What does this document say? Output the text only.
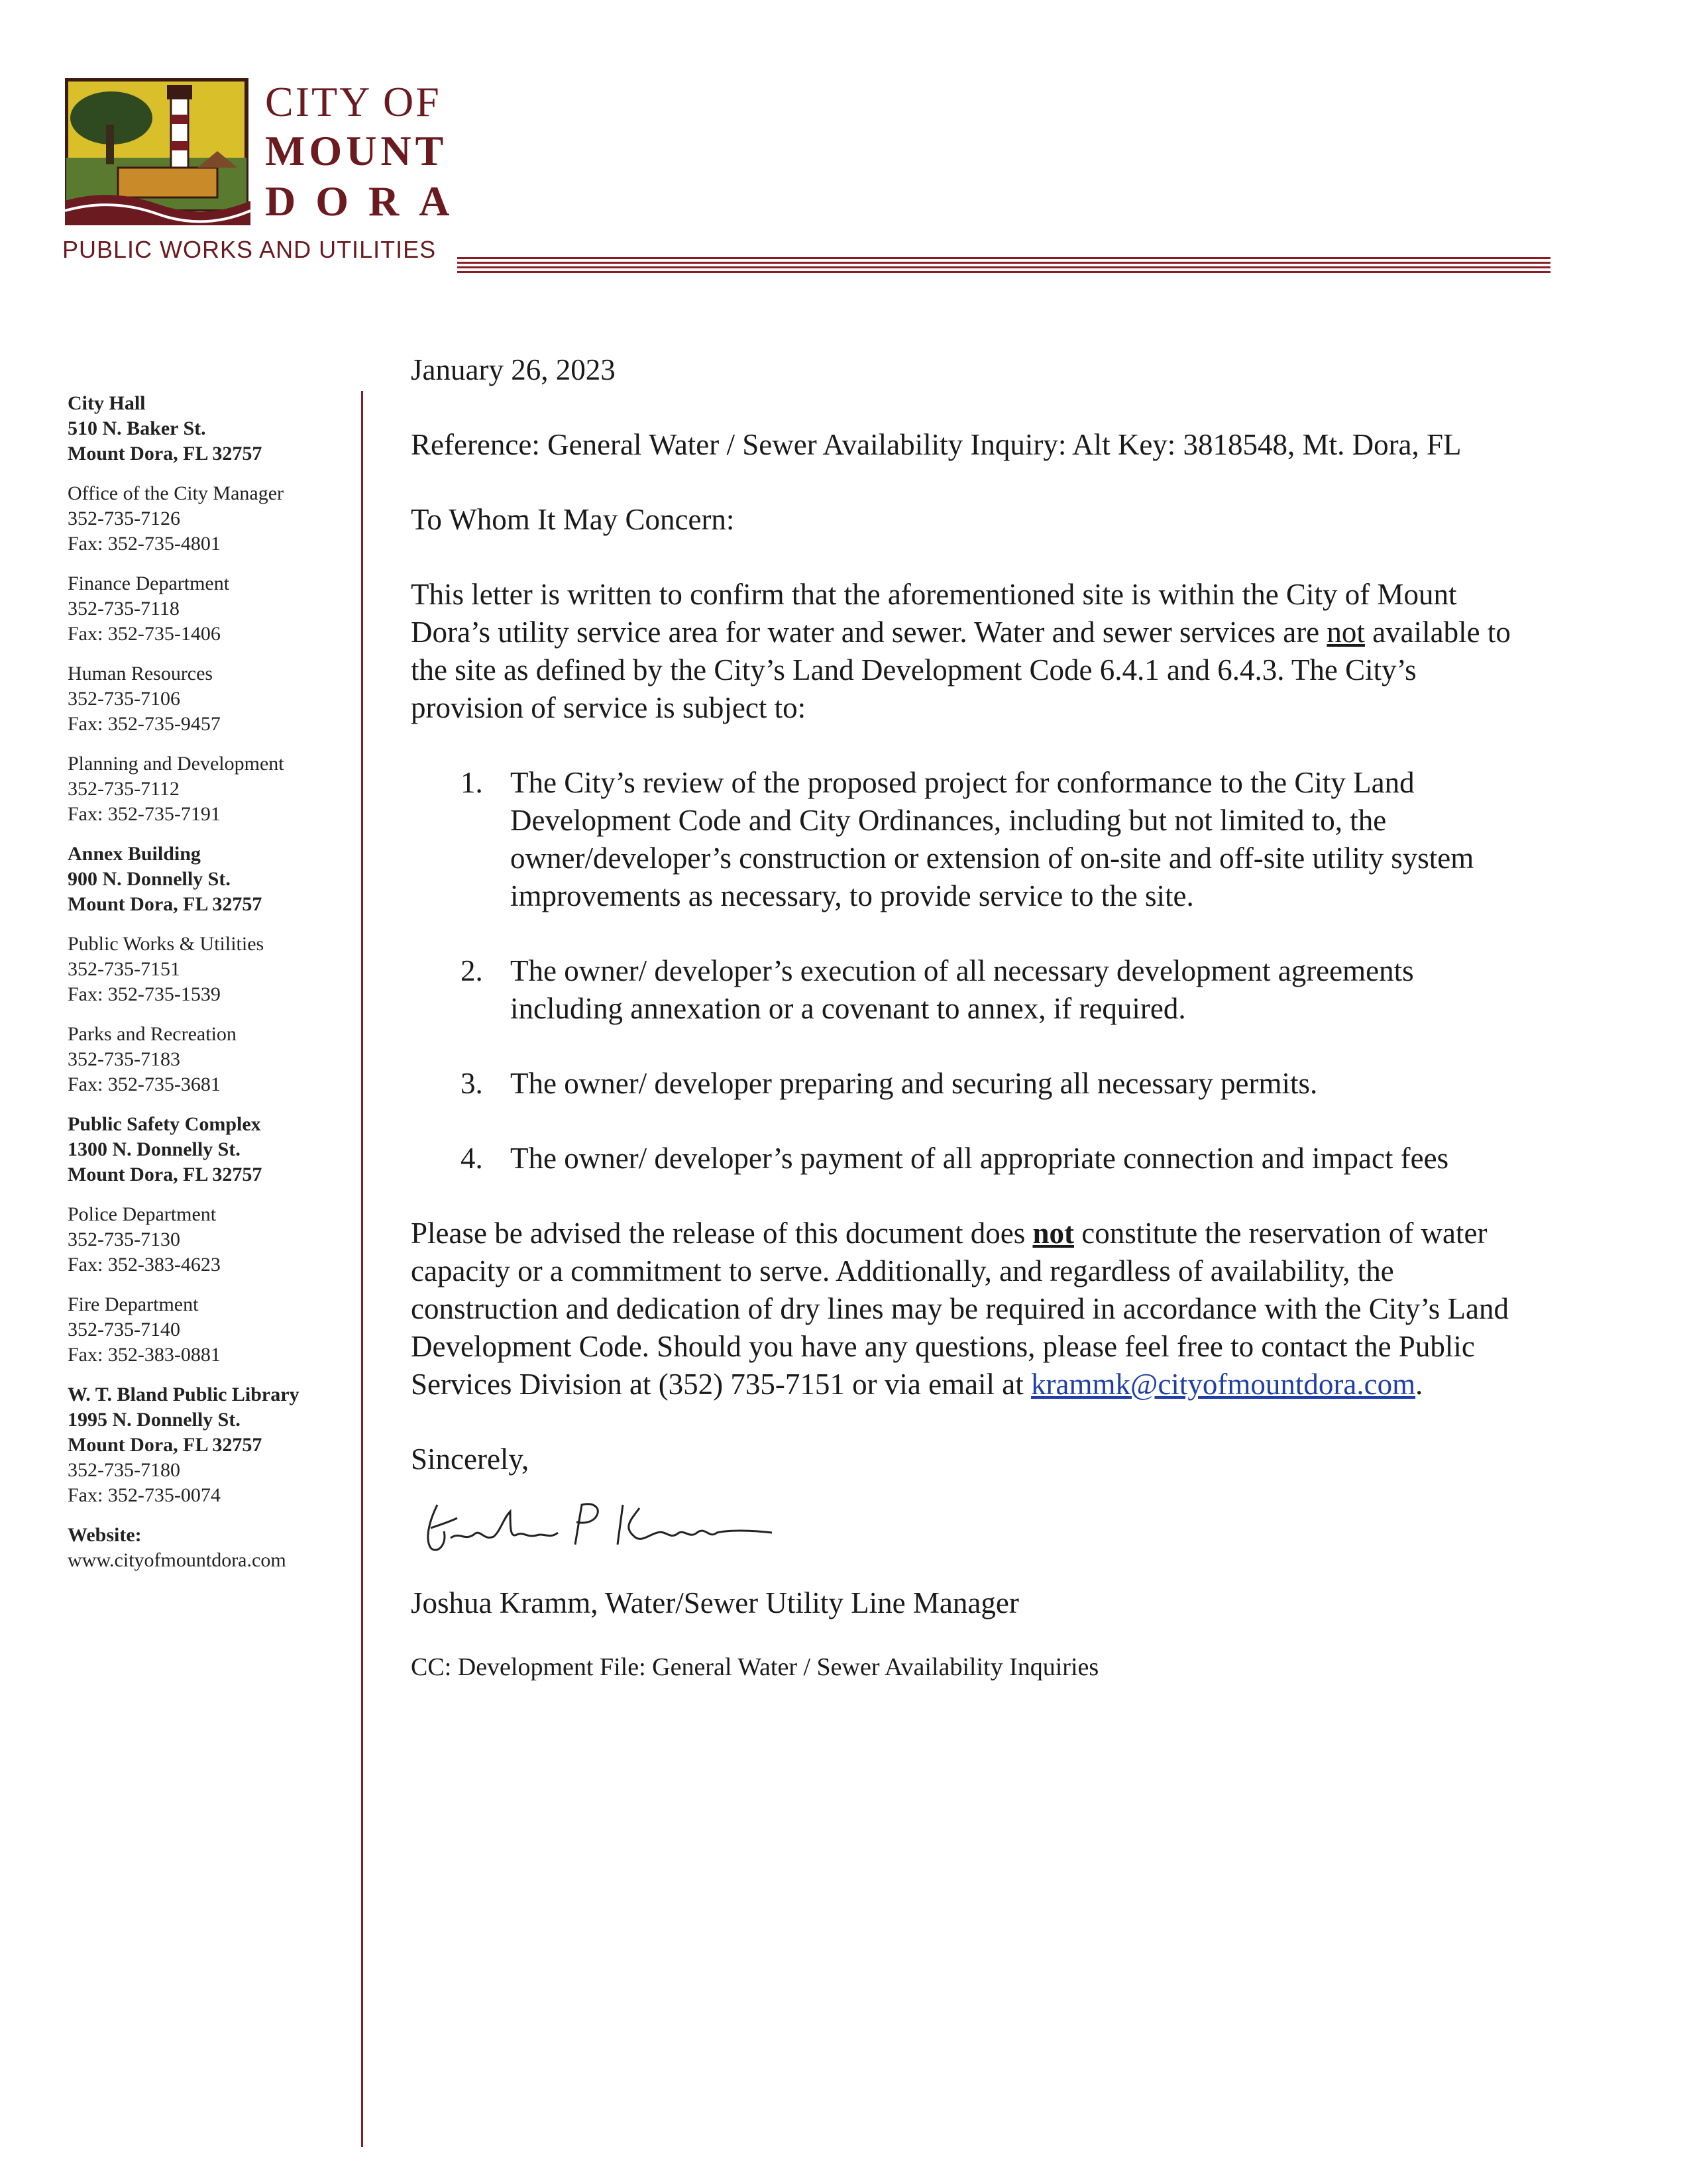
CITY OF
MOUNT
DORA
PUBLIC WORKS AND UTILITIES
City Hall
510 N. Baker St.
Mount Dora, FL 32757
Office of the City Manager
352-735-7126
Fax: 352-735-4801
Finance Department
352-735-7118
Fax: 352-735-1406
Human Resources
352-735-7106
Fax: 352-735-9457
Planning and Development
352-735-7112
Fax: 352-735-7191
Annex Building
900 N. Donnelly St.
Mount Dora, FL 32757
Public Works & Utilities
352-735-7151
Fax: 352-735-1539
Parks and Recreation
352-735-7183
Fax: 352-735-3681
Public Safety Complex
1300 N. Donnelly St.
Mount Dora, FL 32757
Police Department
352-735-7130
Fax: 352-383-4623
Fire Department
352-735-7140
Fax: 352-383-0881
W. T. Bland Public Library
1995 N. Donnelly St.
Mount Dora, FL 32757
352-735-7180
Fax: 352-735-0074
Website:
www.cityofmountdora.com

January 26, 2023

Reference: General Water / Sewer Availability Inquiry: Alt Key: 3818548, Mt. Dora, FL

To Whom It May Concern:

This letter is written to confirm that the aforementioned site is within the City of Mount Dora’s utility service area for water and sewer. Water and sewer services are not available to the site as defined by the City’s Land Development Code 6.4.1 and 6.4.3. The City’s provision of service is subject to:

1. The City’s review of the proposed project for conformance to the City Land Development Code and City Ordinances, including but not limited to, the owner/developer’s construction or extension of on-site and off-site utility system improvements as necessary, to provide service to the site.
2. The owner/ developer’s execution of all necessary development agreements including annexation or a covenant to annex, if required.
3. The owner/ developer preparing and securing all necessary permits.
4. The owner/ developer’s payment of all appropriate connection and impact fees

Please be advised the release of this document does not constitute the reservation of water capacity or a commitment to serve. Additionally, and regardless of availability, the construction and dedication of dry lines may be required in accordance with the City’s Land Development Code. Should you have any questions, please feel free to contact the Public Services Division at (352) 735-7151 or via email at krammk@cityofmountdora.com.

Sincerely,

Joshua Kramm, Water/Sewer Utility Line Manager

CC: Development File: General Water / Sewer Availability Inquiries
